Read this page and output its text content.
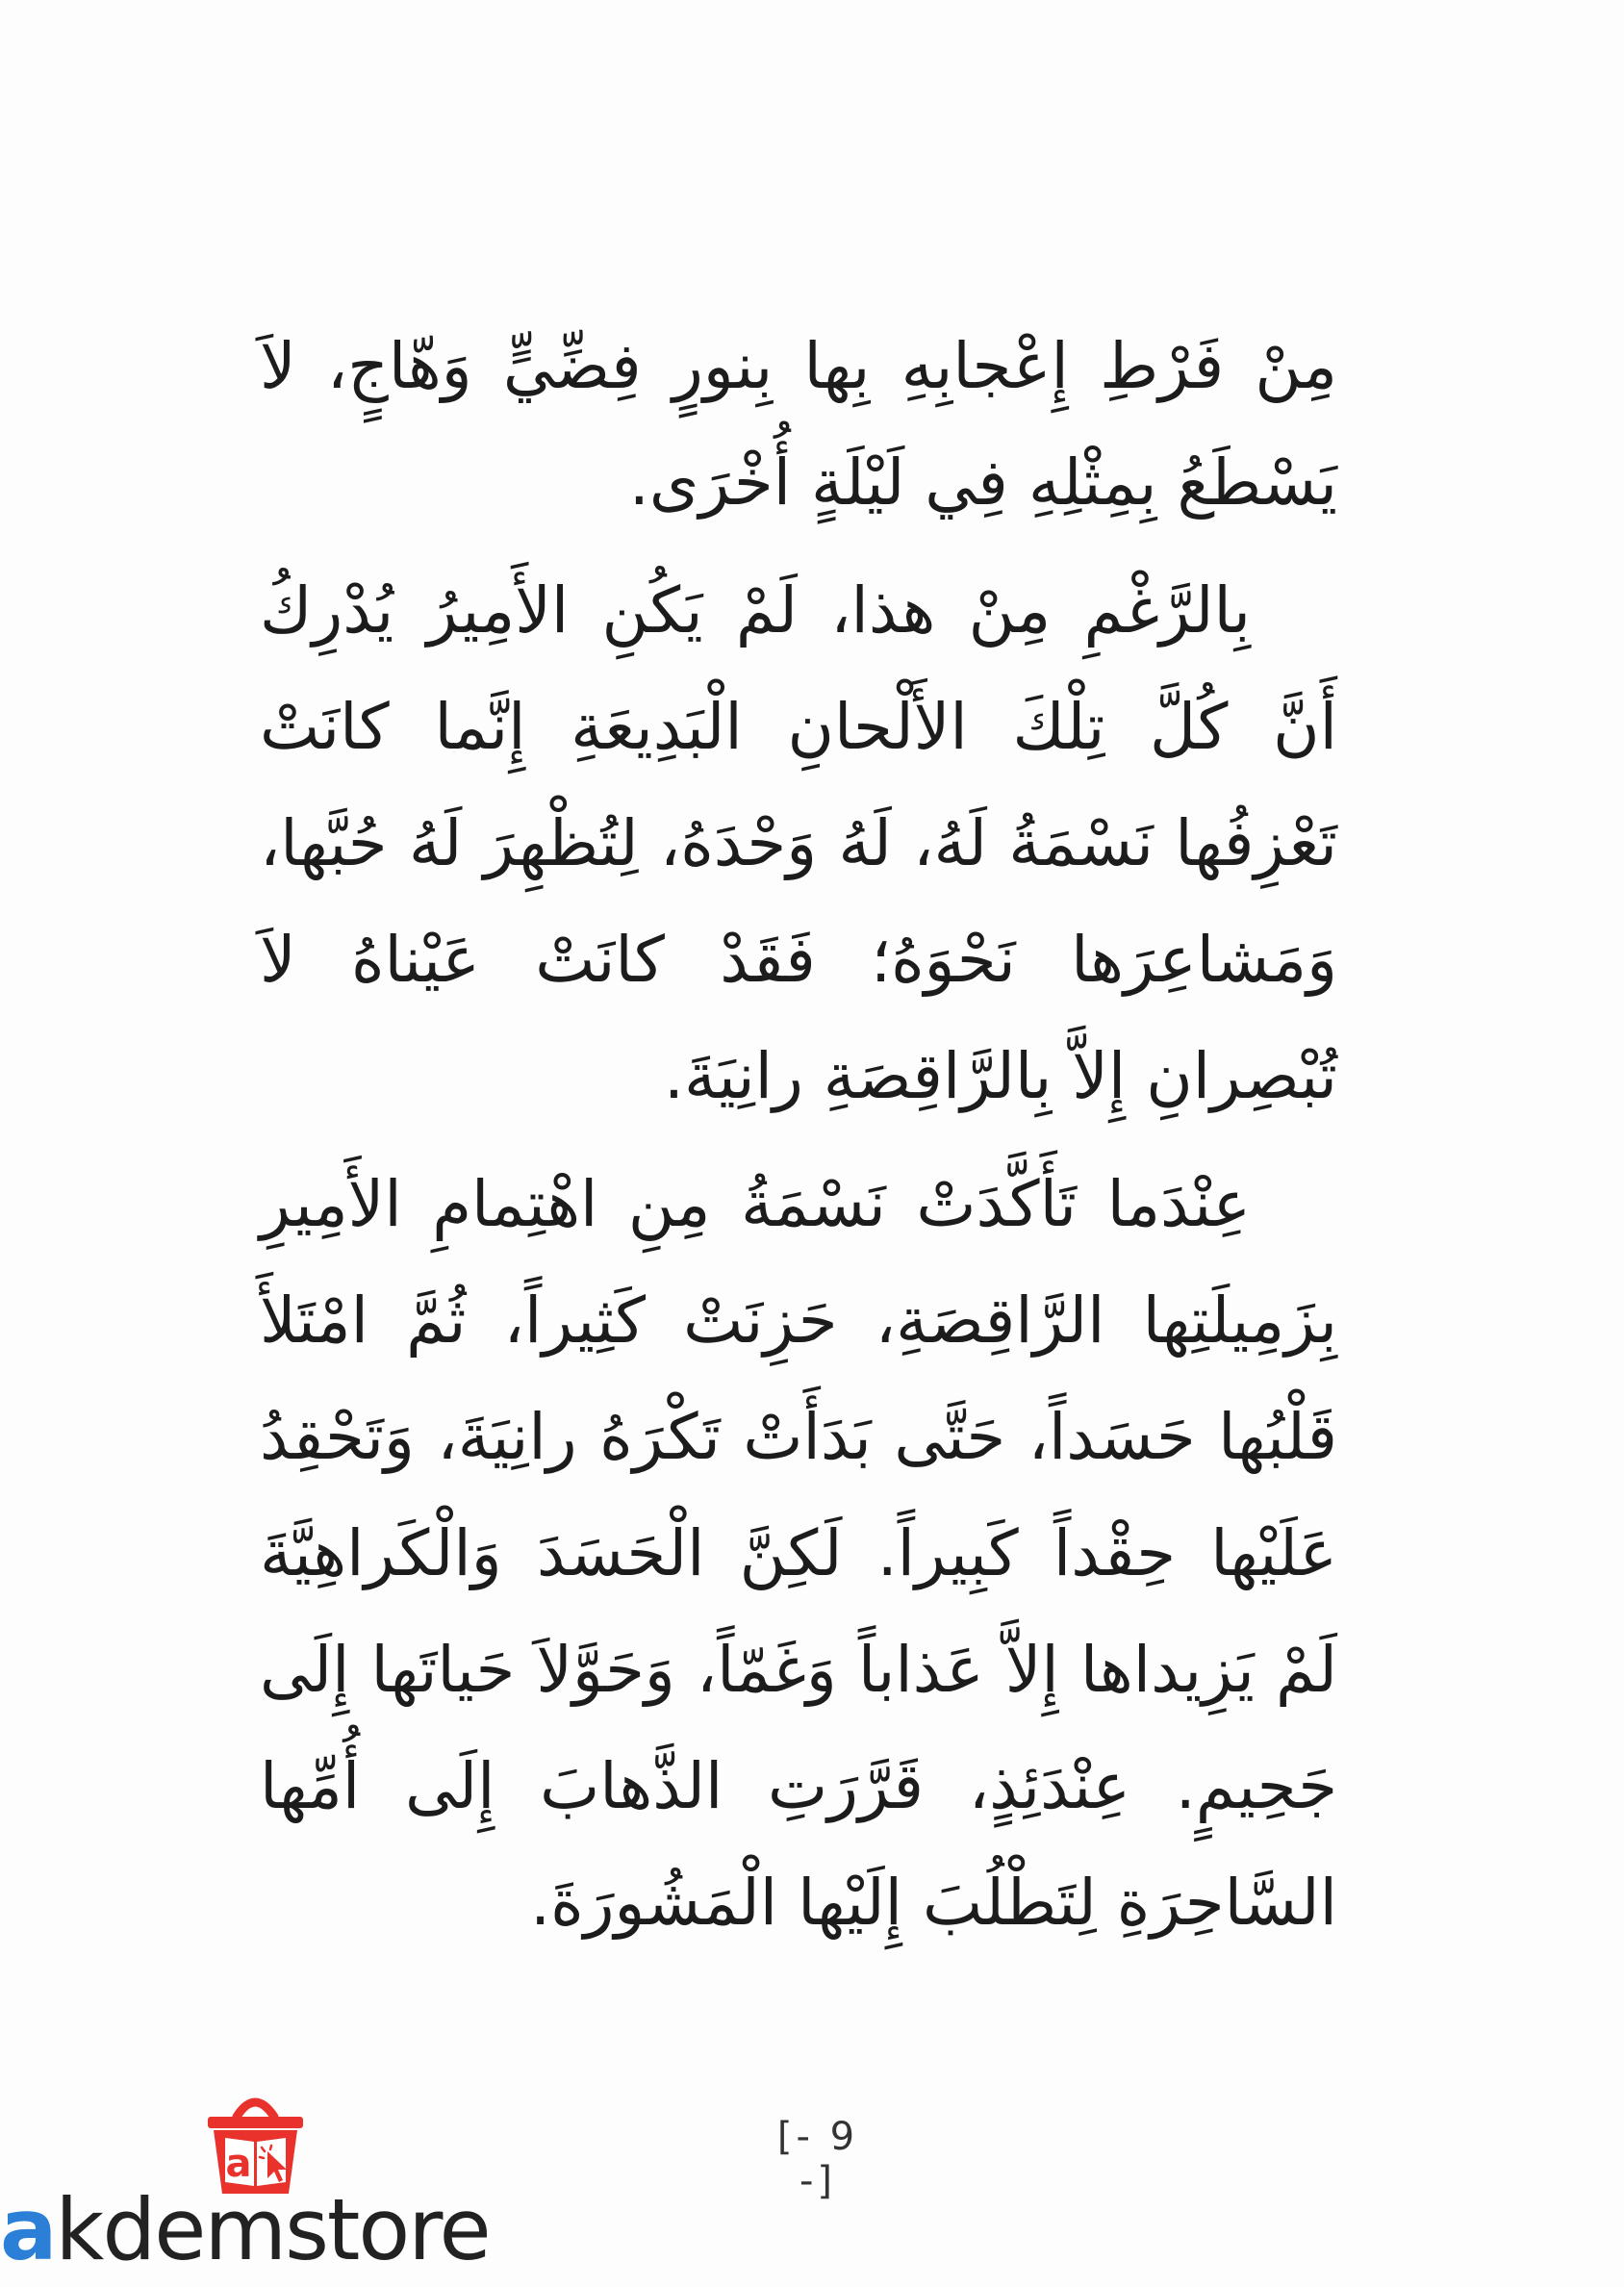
مِنْ فَرْطِ إِعْجابِهِ بِها بِنورٍ فِضِّيٍّ وَهّاجٍ، لاَ يَسْطَعُ بِمِثْلِهِ فِي لَيْلَةٍ أُخْرَى.

بِالرَّغْمِ مِنْ هذا، لَمْ يَكُنِ الأَمِيرُ يُدْرِكُ أَنَّ كُلَّ تِلْكَ الأَلْحانِ الْبَدِيعَةِ إِنَّما كانَتْ تَعْزِفُها نَسْمَةُ لَهُ، لَهُ وَحْدَهُ، لِتُظْهِرَ لَهُ حُبَّها، وَمَشاعِرَها نَحْوَهُ؛ فَقَدْ كانَتْ عَيْناهُ لاَ تُبْصِرانِ إِلاَّ بِالرَّاقِصَةِ رانِيَةَ.

عِنْدَما تَأَكَّدَتْ نَسْمَةُ مِنِ اهْتِمامِ الأَمِيرِ بِزَمِيلَتِها الرَّاقِصَةِ، حَزِنَتْ كَثِيراً، ثُمَّ امْتَلأَ قَلْبُها حَسَداً، حَتَّى بَدَأَتْ تَكْرَهُ رانِيَةَ، وَتَحْقِدُ عَلَيْها حِقْداً كَبِيراً. لَكِنَّ الْحَسَدَ وَالْكَراهِيَّةَ لَمْ يَزِيداها إِلاَّ عَذاباً وَغَمّاً، وَحَوَّلاَ حَياتَها إِلَى جَحِيمٍ. عِنْدَئِذٍ، قَرَّرَتِ الذَّهابَ إِلَى أُمِّها السَّاحِرَةِ لِتَطْلُبَ إِلَيْها الْمَشُورَةَ.

[- 9 -]
a
akdemstore
